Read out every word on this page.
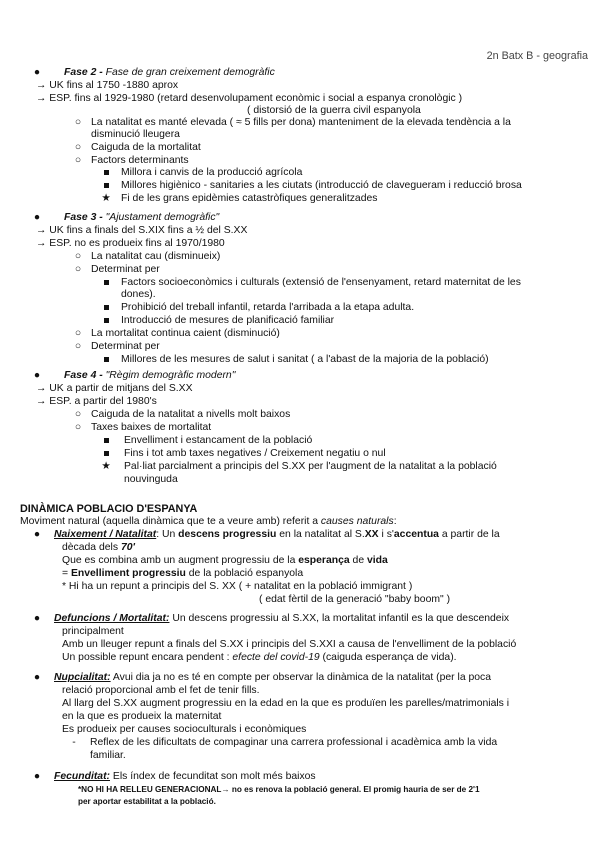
2n Batx B - geografia
● Fase 2 - Fase de gran creixement demogràfic
→ UK fins al 1750 -1880 aprox
→ ESP. fins al 1929-1980 (retard desenvolupament econòmic i social a espanya cronològic )
( distorsió de la guerra civil espanyola
○ La natalitat es manté elevada ( ≈ 5 fills per dona) manteniment de la elevada tendència a la
disminució lleugera
○ Caiguda de la mortalitat
○ Factors determinants
Millora i canvis de la producció agrícola
Millores higiènico - sanitaries a les ciutats (introducció de clavegueram i reducció brosa
★ Fi de les grans epidèmies catastròfiques generalitzades
● Fase 3 - "Ajustament demogràfic"
→ UK fins a finals del S.XIX fins a ½ del S.XX
→ ESP. no es produeix fins al 1970/1980
○ La natalitat cau (disminueix)
○ Determinat per
Factors socioeconòmics i culturals (extensió de l'ensenyament, retard maternitat de les
dones).
Prohibició del treball infantil, retarda l'arribada a la etapa adulta.
Introducció de mesures de planificació familiar
○ La mortalitat continua caient (disminució)
○ Determinat per
Millores de les mesures de salut i sanitat ( a l'abast de la majoria de la població)
● Fase 4 - "Règim demogràfic modern"
→ UK a partir de mitjans del S.XX
→ ESP. a partir del 1980's
○ Caiguda de la natalitat a nivells molt baixos
○ Taxes baixes de mortalitat
Envelliment i estancament de la població
Fins i tot amb taxes negatives / Creixement negatiu o nul
★ Pal·liat parcialment a principis del S.XX per l'augment de la natalitat a la població
nouvinguda
DINÀMICA POBLACIO D'ESPANYA
Moviment natural (aquella dinàmica que te a veure amb) referit a causes naturals:
● Naixement / Natalitat: Un descens progressiu en la natalitat al S.XX i s'accentua a partir de la
dècada dels 70'
Que es combina amb un augment progressiu de la esperança de vida
= Envelliment progressiu de la població espanyola
* Hi ha un repunt a principis del S. XX ( + natalitat en la població immigrant )
( edat fèrtil de la generació "baby boom" )
● Defuncions / Mortalitat: Un descens progressiu al S.XX, la mortalitat infantil es la que descendeix
principalment
Amb un lleuger repunt a finals del S.XX i principis del S.XXI a causa de l'envelliment de la població
Un possible repunt encara pendent : efecte del covid-19 (caiguda esperança de vida).
● Nupcialitat: Avui dia ja no es té en compte per observar la dinàmica de la natalitat (per la poca
relació proporcional amb el fet de tenir fills.
Al llarg del S.XX augment progressiu en la edad en la que es produïen les parelles/matrimonials i
en la que es produeix la maternitat
Es produeix per causes socioculturals i econòmiques
-	Reflex de les dificultats de compaginar una carrera professional i acadèmica amb la vida
familiar.
● Fecunditat: Els índex de fecunditat son molt més baixos
*NO HI HA RELLEU GENERACIONAL→ no es renova la població general. El promig hauria de ser de 2'1
per aportar estabilitat a la població.
